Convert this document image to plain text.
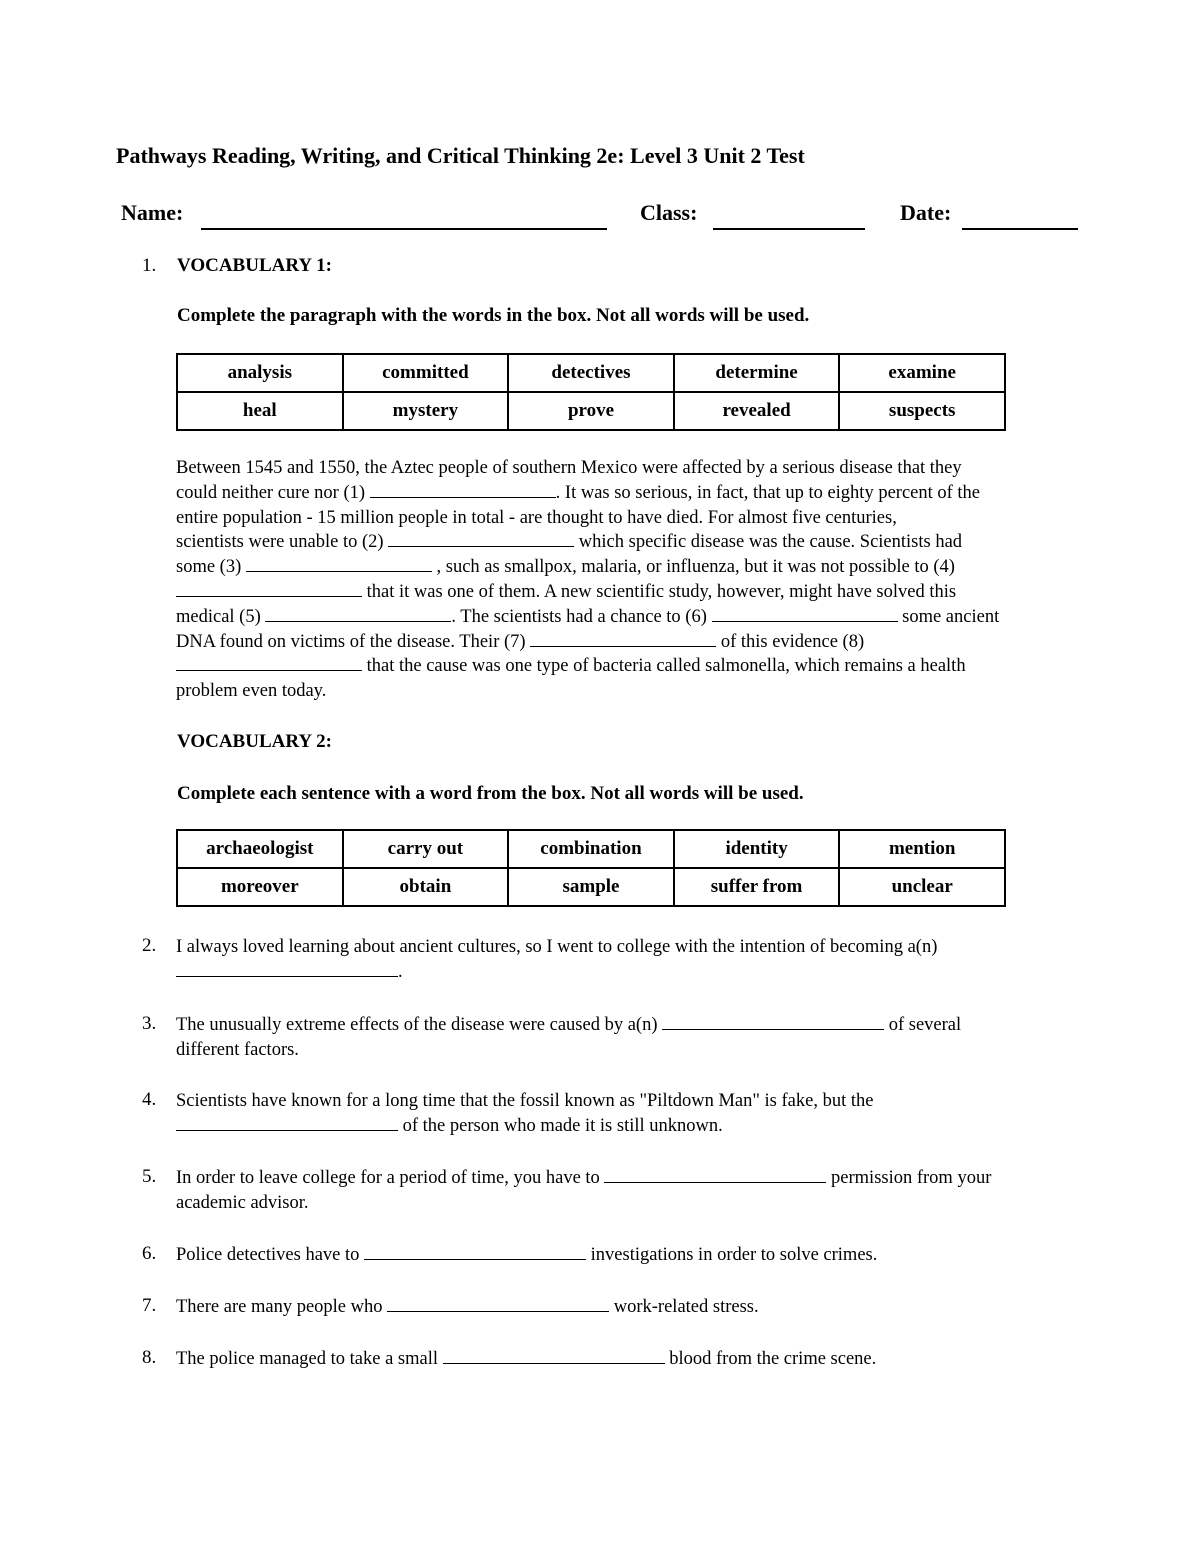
Pathways Reading, Writing, and Critical Thinking 2e: Level 3 Unit 2 Test
Name:	Class:	Date:
1. VOCABULARY 1:
Complete the paragraph with the words in the box. Not all words will be used.
analysis	committed	detectives	determine	examine
heal	mystery	prove	revealed	suspects
Between 1545 and 1550, the Aztec people of southern Mexico were affected by a serious disease that they
could neither cure nor (1)	. It was so serious, in fact, that up to eighty percent of the
entire population - 15 million people in total - are thought to have died. For almost five centuries,
scientists were unable to (2)	which specific disease was the cause. Scientists had
some (3)	, such as smallpox, malaria, or influenza, but it was not possible to (4)
that it was one of them. A new scientific study, however, might have solved this
medical (5)	. The scientists had a chance to (6)	some ancient
DNA found on victims of the disease. Their (7)	of this evidence (8)
that the cause was one type of bacteria called salmonella, which remains a health
problem even today.
VOCABULARY 2:
Complete each sentence with a word from the box. Not all words will be used.
archaeologist	carry out	combination	identity	mention
moreover	obtain	sample	suffer from	unclear
2. I always loved learning about ancient cultures, so I went to college with the intention of becoming a(n)
.
3. The unusually extreme effects of the disease were caused by a(n)	of several
different factors.
4. Scientists have known for a long time that the fossil known as "Piltdown Man" is fake, but the
of the person who made it is still unknown.
5. In order to leave college for a period of time, you have to	permission from your
academic advisor.
6. Police detectives have to	investigations in order to solve crimes.
7. There are many people who	work-related stress.
8. The police managed to take a small	blood from the crime scene.
